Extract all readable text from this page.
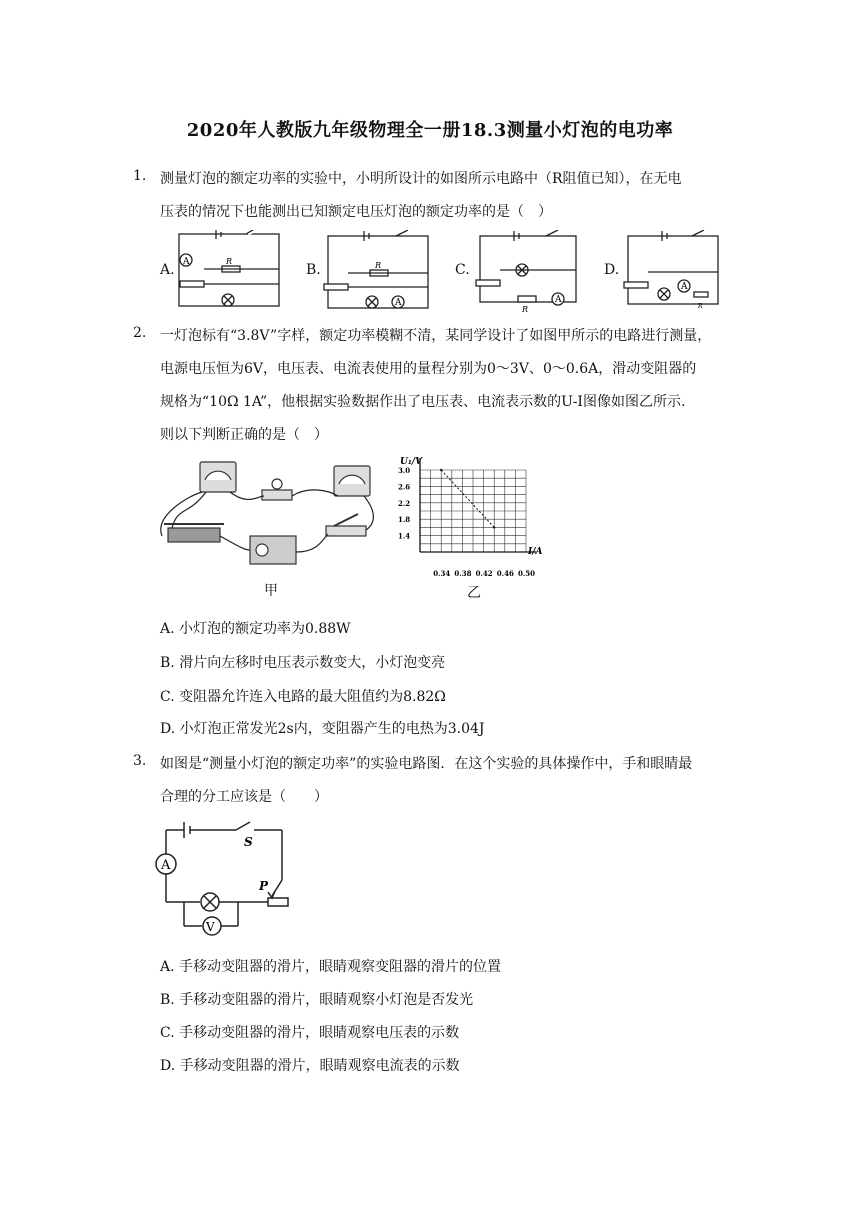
2020年人教版九年级物理全一册18.3测量小灯泡的电功率
1. 测量灯泡的额定功率的实验中，小明所设计的如图所示电路中（R阻值已知），在无电
压表的情况下也能测出已知额定电压灯泡的额定功率的是（　）
A.	B.	C.	D.
A	R	R
A	A
R
A
R
2. 一灯泡标有“3.8V”字样，额定功率模糊不清，某同学设计了如图甲所示的电路进行测量，
电源电压恒为6V，电压表、电流表使用的量程分别为0～3V、0～0.6A，滑动变阻器的
规格为“10Ω 1A”，他根据实验数据作出了电压表、电流表示数的U-I图像如图乙所示.
则以下判断正确的是（　）
甲
U₁/V
I/A
3.0
2.6
2.2
1.8
1.4
0.34 0.38 0.42 0.46 0.50
乙
A. 小灯泡的额定功率为0.88W
B. 滑片向左移时电压表示数变大，小灯泡变亮
C. 变阻器允许连入电路的最大阻值约为8.82Ω
D. 小灯泡正常发光2s内，变阻器产生的电热为3.04J
3. 如图是“测量小灯泡的额定功率”的实验电路图．在这个实验的具体操作中，手和眼睛最
合理的分工应该是（　　）
A
V
S
P
A. 手移动变阻器的滑片，眼睛观察变阻器的滑片的位置
B. 手移动变阻器的滑片，眼睛观察小灯泡是否发光
C. 手移动变阻器的滑片，眼睛观察电压表的示数
D. 手移动变阻器的滑片，眼睛观察电流表的示数
